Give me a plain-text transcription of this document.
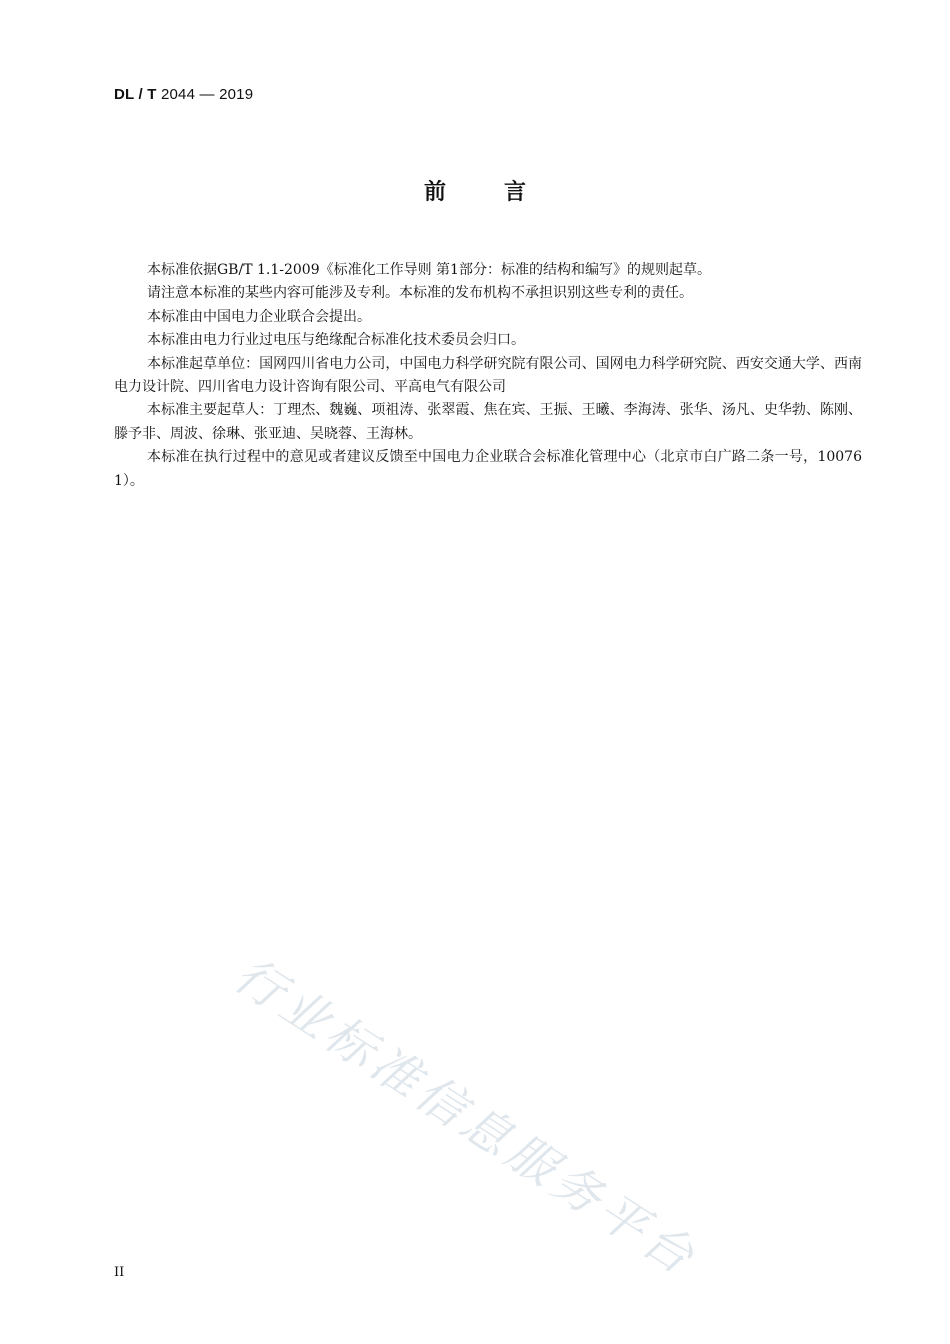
DL / T 2044 — 2019
前言

本标准依据GB/T 1.1-2009《标准化工作导则 第1部分：标准的结构和编写》的规则起草。

请注意本标准的某些内容可能涉及专利。本标准的发布机构不承担识别这些专利的责任。

本标准由中国电力企业联合会提出。

本标准由电力行业过电压与绝缘配合标准化技术委员会归口。

本标准起草单位：国网四川省电力公司，中国电力科学研究院有限公司、国网电力科学研究院、西安交通大学、西南电力设计院、四川省电力设计咨询有限公司、平高电气有限公司

本标准主要起草人：丁理杰、魏巍、项祖涛、张翠霞、焦在宾、王振、王曦、李海涛、张华、汤凡、史华勃、陈刚、滕予非、周波、徐琳、张亚迪、吴晓蓉、王海林。

本标准在执行过程中的意见或者建议反馈至中国电力企业联合会标准化管理中心（北京市白广路二条一号，100761）。

行业标准信息服务平台
II
